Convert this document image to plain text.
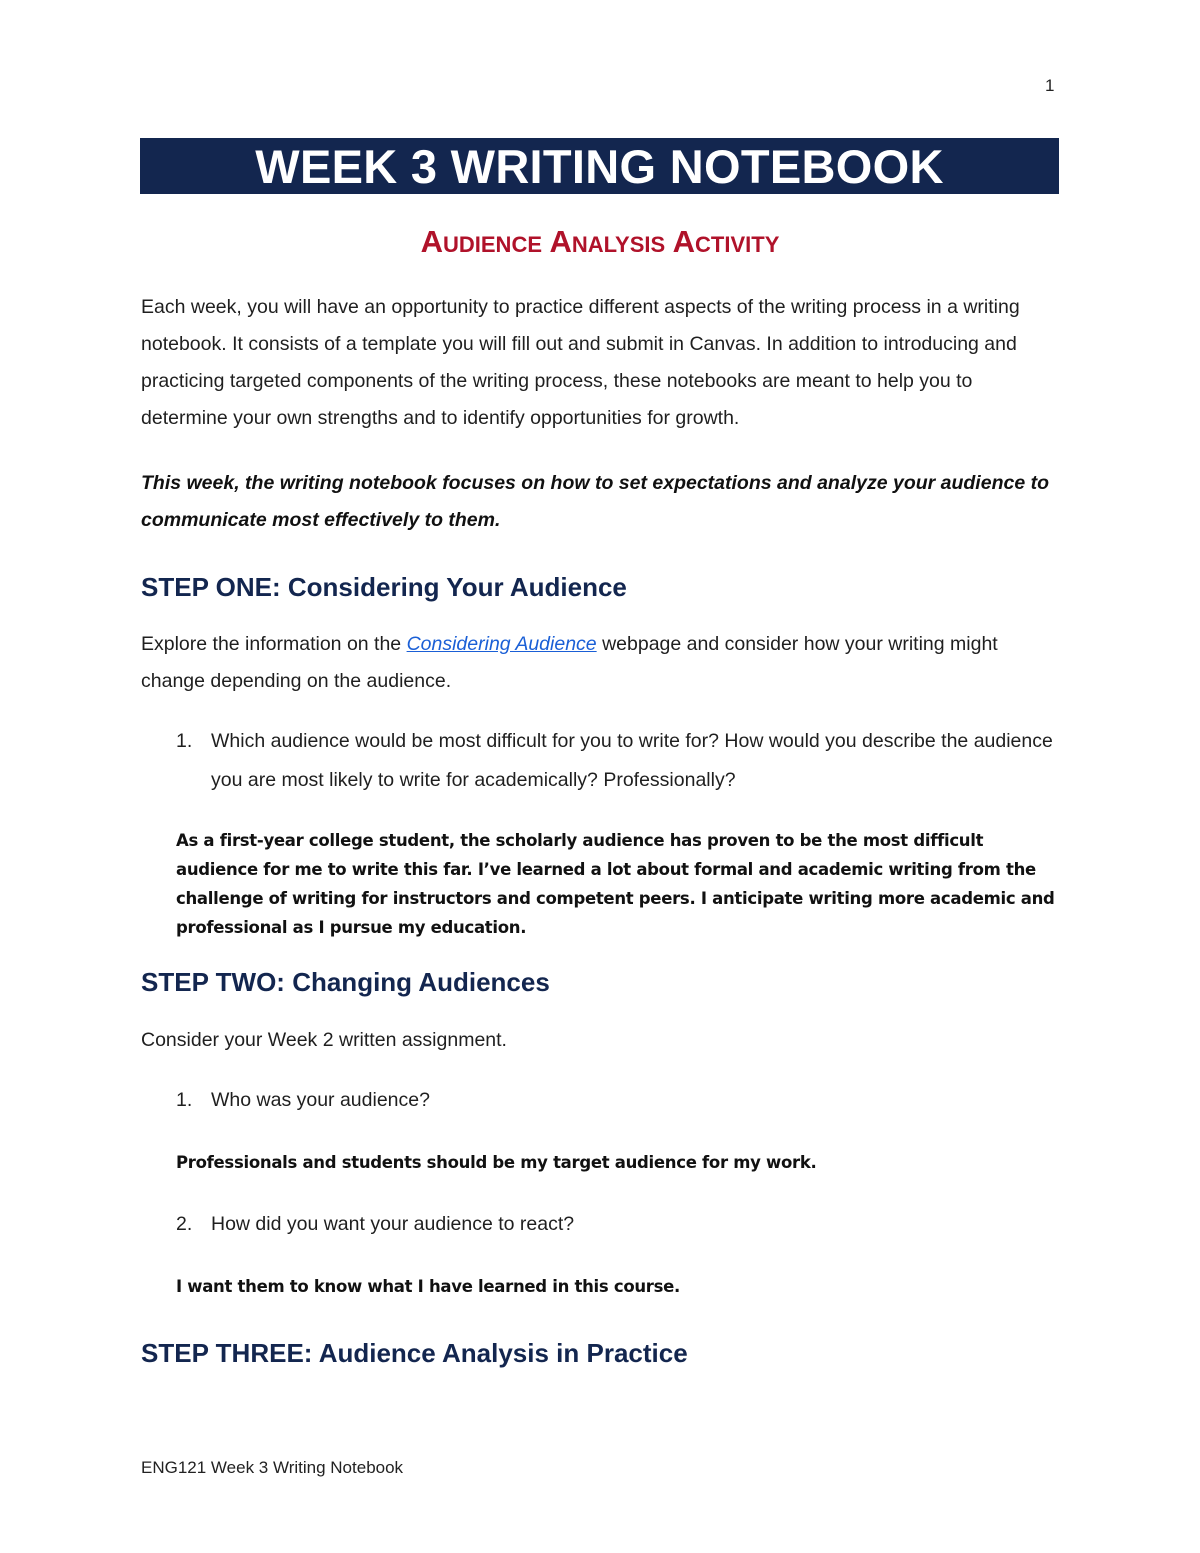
1
WEEK 3 WRITING NOTEBOOK
Audience Analysis Activity
Each week, you will have an opportunity to practice different aspects of the writing process in a writing notebook. It consists of a template you will fill out and submit in Canvas. In addition to introducing and practicing targeted components of the writing process, these notebooks are meant to help you to determine your own strengths and to identify opportunities for growth.
This week, the writing notebook focuses on how to set expectations and analyze your audience to communicate most effectively to them.
STEP ONE: Considering Your Audience
Explore the information on the Considering Audience webpage and consider how your writing might change depending on the audience.
1. Which audience would be most difficult for you to write for? How would you describe the audience you are most likely to write for academically? Professionally?
As a first-year college student, the scholarly audience has proven to be the most difficult audience for me to write this far. I’ve learned a lot about formal and academic writing from the challenge of writing for instructors and competent peers. I anticipate writing more academic and professional as I pursue my education.
STEP TWO: Changing Audiences
Consider your Week 2 written assignment.
1. Who was your audience?
Professionals and students should be my target audience for my work.
2. How did you want your audience to react?
I want them to know what I have learned in this course.
STEP THREE: Audience Analysis in Practice
ENG121 Week 3 Writing Notebook
